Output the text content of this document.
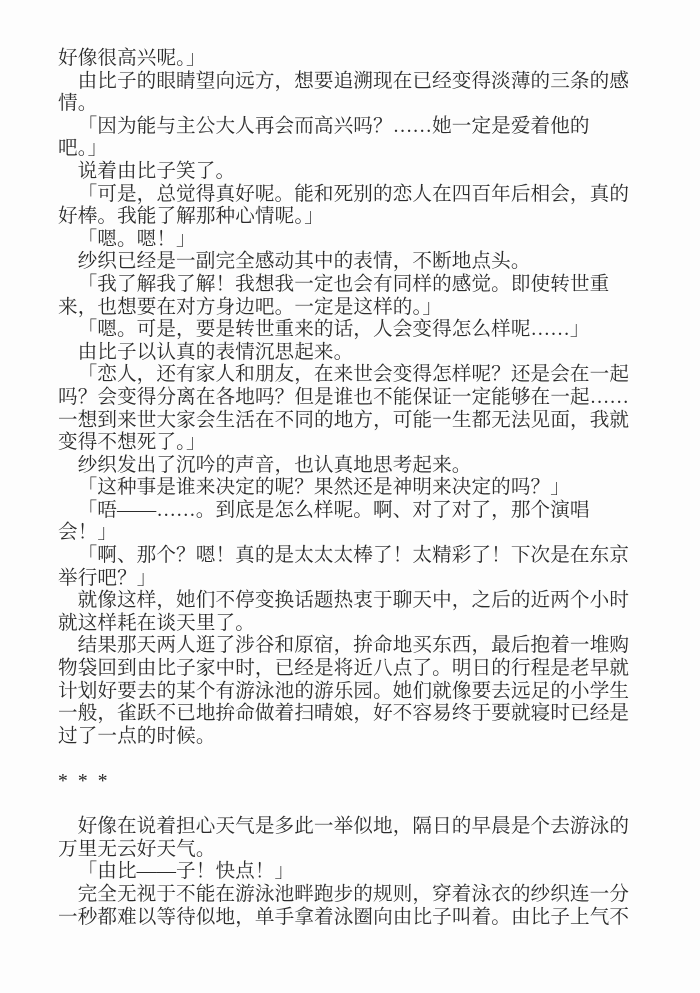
好像很高兴呢。」
由比子的眼睛望向远方，想要追溯现在已经变得淡薄的三条的感
情。
「因为能与主公大人再会而高兴吗？……她一定是爱着他的
吧。」
说着由比子笑了。
「可是，总觉得真好呢。能和死别的恋人在四百年后相会，真的
好棒。我能了解那种心情呢。」
「嗯。嗯！」
纱织已经是一副完全感动其中的表情，不断地点头。
「我了解我了解！我想我一定也会有同样的感觉。即使转世重
来，也想要在对方身边吧。一定是这样的。」
「嗯。可是，要是转世重来的话，人会变得怎么样呢……」
由比子以认真的表情沉思起来。
「恋人，还有家人和朋友，在来世会变得怎样呢？还是会在一起
吗？会变得分离在各地吗？但是谁也不能保证一定能够在一起……
一想到来世大家会生活在不同的地方，可能一生都无法见面，我就
变得不想死了。」
纱织发出了沉吟的声音，也认真地思考起来。
「这种事是谁来决定的呢？果然还是神明来决定的吗？」
「唔——……。到底是怎么样呢。啊、对了对了，那个演唱
会！」
「啊、那个？嗯！真的是太太太棒了！太精彩了！下次是在东京
举行吧？」
就像这样，她们不停变换话题热衷于聊天中，之后的近两个小时
就这样耗在谈天里了。
结果那天两人逛了涉谷和原宿，拚命地买东西，最后抱着一堆购
物袋回到由比子家中时，已经是将近八点了。明日的行程是老早就
计划好要去的某个有游泳池的游乐园。她们就像要去远足的小学生
一般，雀跃不已地拚命做着扫晴娘，好不容易终于要就寝时已经是
过了一点的时候。

* * *

好像在说着担心天气是多此一举似地，隔日的早晨是个去游泳的
万里无云好天气。
「由比——子！快点！」
完全无视于不能在游泳池畔跑步的规则，穿着泳衣的纱织连一分
一秒都难以等待似地，单手拿着泳圈向由比子叫着。由比子上气不
